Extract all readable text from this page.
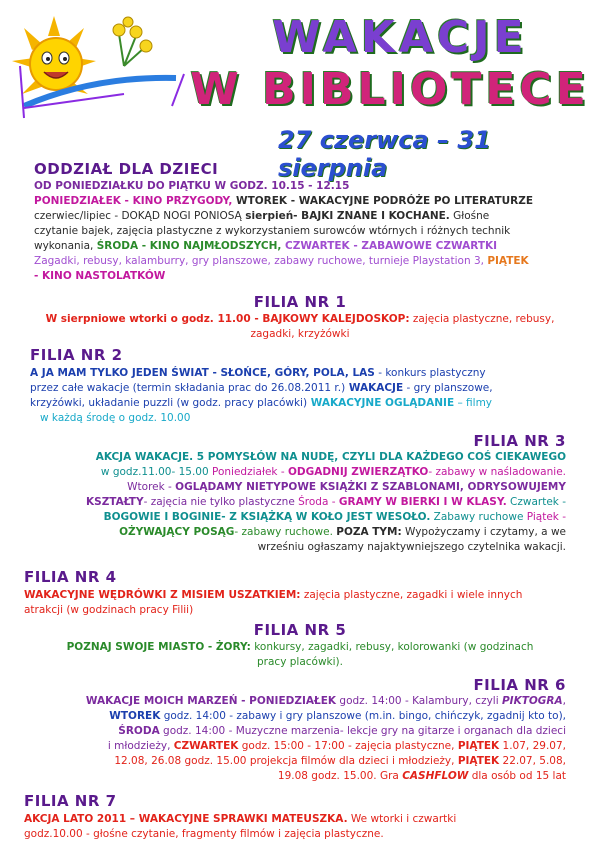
WAKACJE
W BIBLIOTECE
27 czerwca – 31 sierpnia
ODDZIAŁ DLA DZIECI

OD PONIEDZIAŁKU DO PIĄTKU W GODZ. 10.15 - 12.15

PONIEDZIAŁEK - KINO PRZYGODY, WTOREK - WAKACYJNE PODRÓŻE PO LITERATURZE

czerwiec/lipiec - DOKĄD NOGI PONIOSĄ sierpień- BAJKI ZNANE I KOCHANE. Głośne

czytanie bajek, zajęcia plastyczne z wykorzystaniem surowców wtórnych i różnych technik

wykonania, ŚRODA - KINO NAJMŁODSZYCH, CZWARTEK - ZABAWOWE CZWARTKI

Zagadki, rebusy, kalamburry, gry planszowe, zabawy ruchowe, turnieje Playstation 3, PIĄTEK

- KINO NASTOLATKÓW

FILIA NR 1

W sierpniowe wtorki o godz. 11.00 - BAJKOWY KALEJDOSKOP: zajęcia plastyczne, rebusy,

zagadki, krzyżówki

FILIA NR 2

A JA MAM TYLKO JEDEN ŚWIAT - SŁOŃCE, GÓRY, POLA, LAS - konkurs plastyczny

przez całe wakacje (termin składania prac do 26.08.2011 r.) WAKACJE - gry planszowe,

krzyżówki, układanie puzzli (w godz. pracy placówki) WAKACYJNE OGLĄDANIE – filmy

w każdą środę o godz. 10.00

FILIA NR 3

AKCJA WAKACJE. 5 POMYSŁÓW NA NUDĘ, CZYLI DLA KAŻDEGO COŚ CIEKAWEGO

w godz.11.00- 15.00 Poniedziałek - ODGADNIJ ZWIERZĄTKO- zabawy w naśladowanie.

Wtorek - OGLĄDAMY NIETYPOWE KSIĄŻKI Z SZABLONAMI, ODRYSOWUJEMY

KSZTAŁTY- zajęcia nie tylko plastyczne Środa - GRAMY W BIERKI I W KLASY. Czwartek -

BOGOWIE I BOGINIE- Z KSIĄŻKĄ W KOŁO JEST WESOŁO. Zabawy ruchowe Piątek -

OŻYWAJĄCY POSĄG- zabawy ruchowe. POZA TYM: Wypożyczamy i czytamy, a we

wrześniu ogłaszamy najaktywniejszego czytelnika wakacji.

FILIA NR 4

WAKACYJNE WĘDRÓWKI Z MISIEM USZATKIEM: zajęcia plastyczne, zagadki i wiele innych

atrakcji (w godzinach pracy Filii)

FILIA NR 5

POZNAJ SWOJE MIASTO - ŻORY: konkursy, zagadki, rebusy, kolorowanki (w godzinach

pracy placówki).

FILIA NR 6

WAKACJE MOICH MARZEŃ - PONIEDZIAŁEK godz. 14:00 - Kalambury, czyli PIKTOGRA,

WTOREK godz. 14:00 - zabawy i gry planszowe (m.in. bingo, chińczyk, zgadnij kto to),

ŚRODA godz. 14:00 - Muzyczne marzenia- lekcje gry na gitarze i organach dla dzieci

i młodzieży, CZWARTEK godz. 15:00 - 17:00 - zajęcia plastyczne, PIĄTEK 1.07, 29.07,

12.08, 26.08 godz. 15.00 projekcja filmów dla dzieci i młodzieży, PIĄTEK 22.07, 5.08,

19.08 godz. 15.00. Gra CASHFLOW dla osób od 15 lat

FILIA NR 7

AKCJA LATO 2011 – WAKACYJNE SPRAWKI MATEUSZKA. We wtorki i czwartki

godz.10.00 - głośne czytanie, fragmenty filmów i zajęcia plastyczne.
